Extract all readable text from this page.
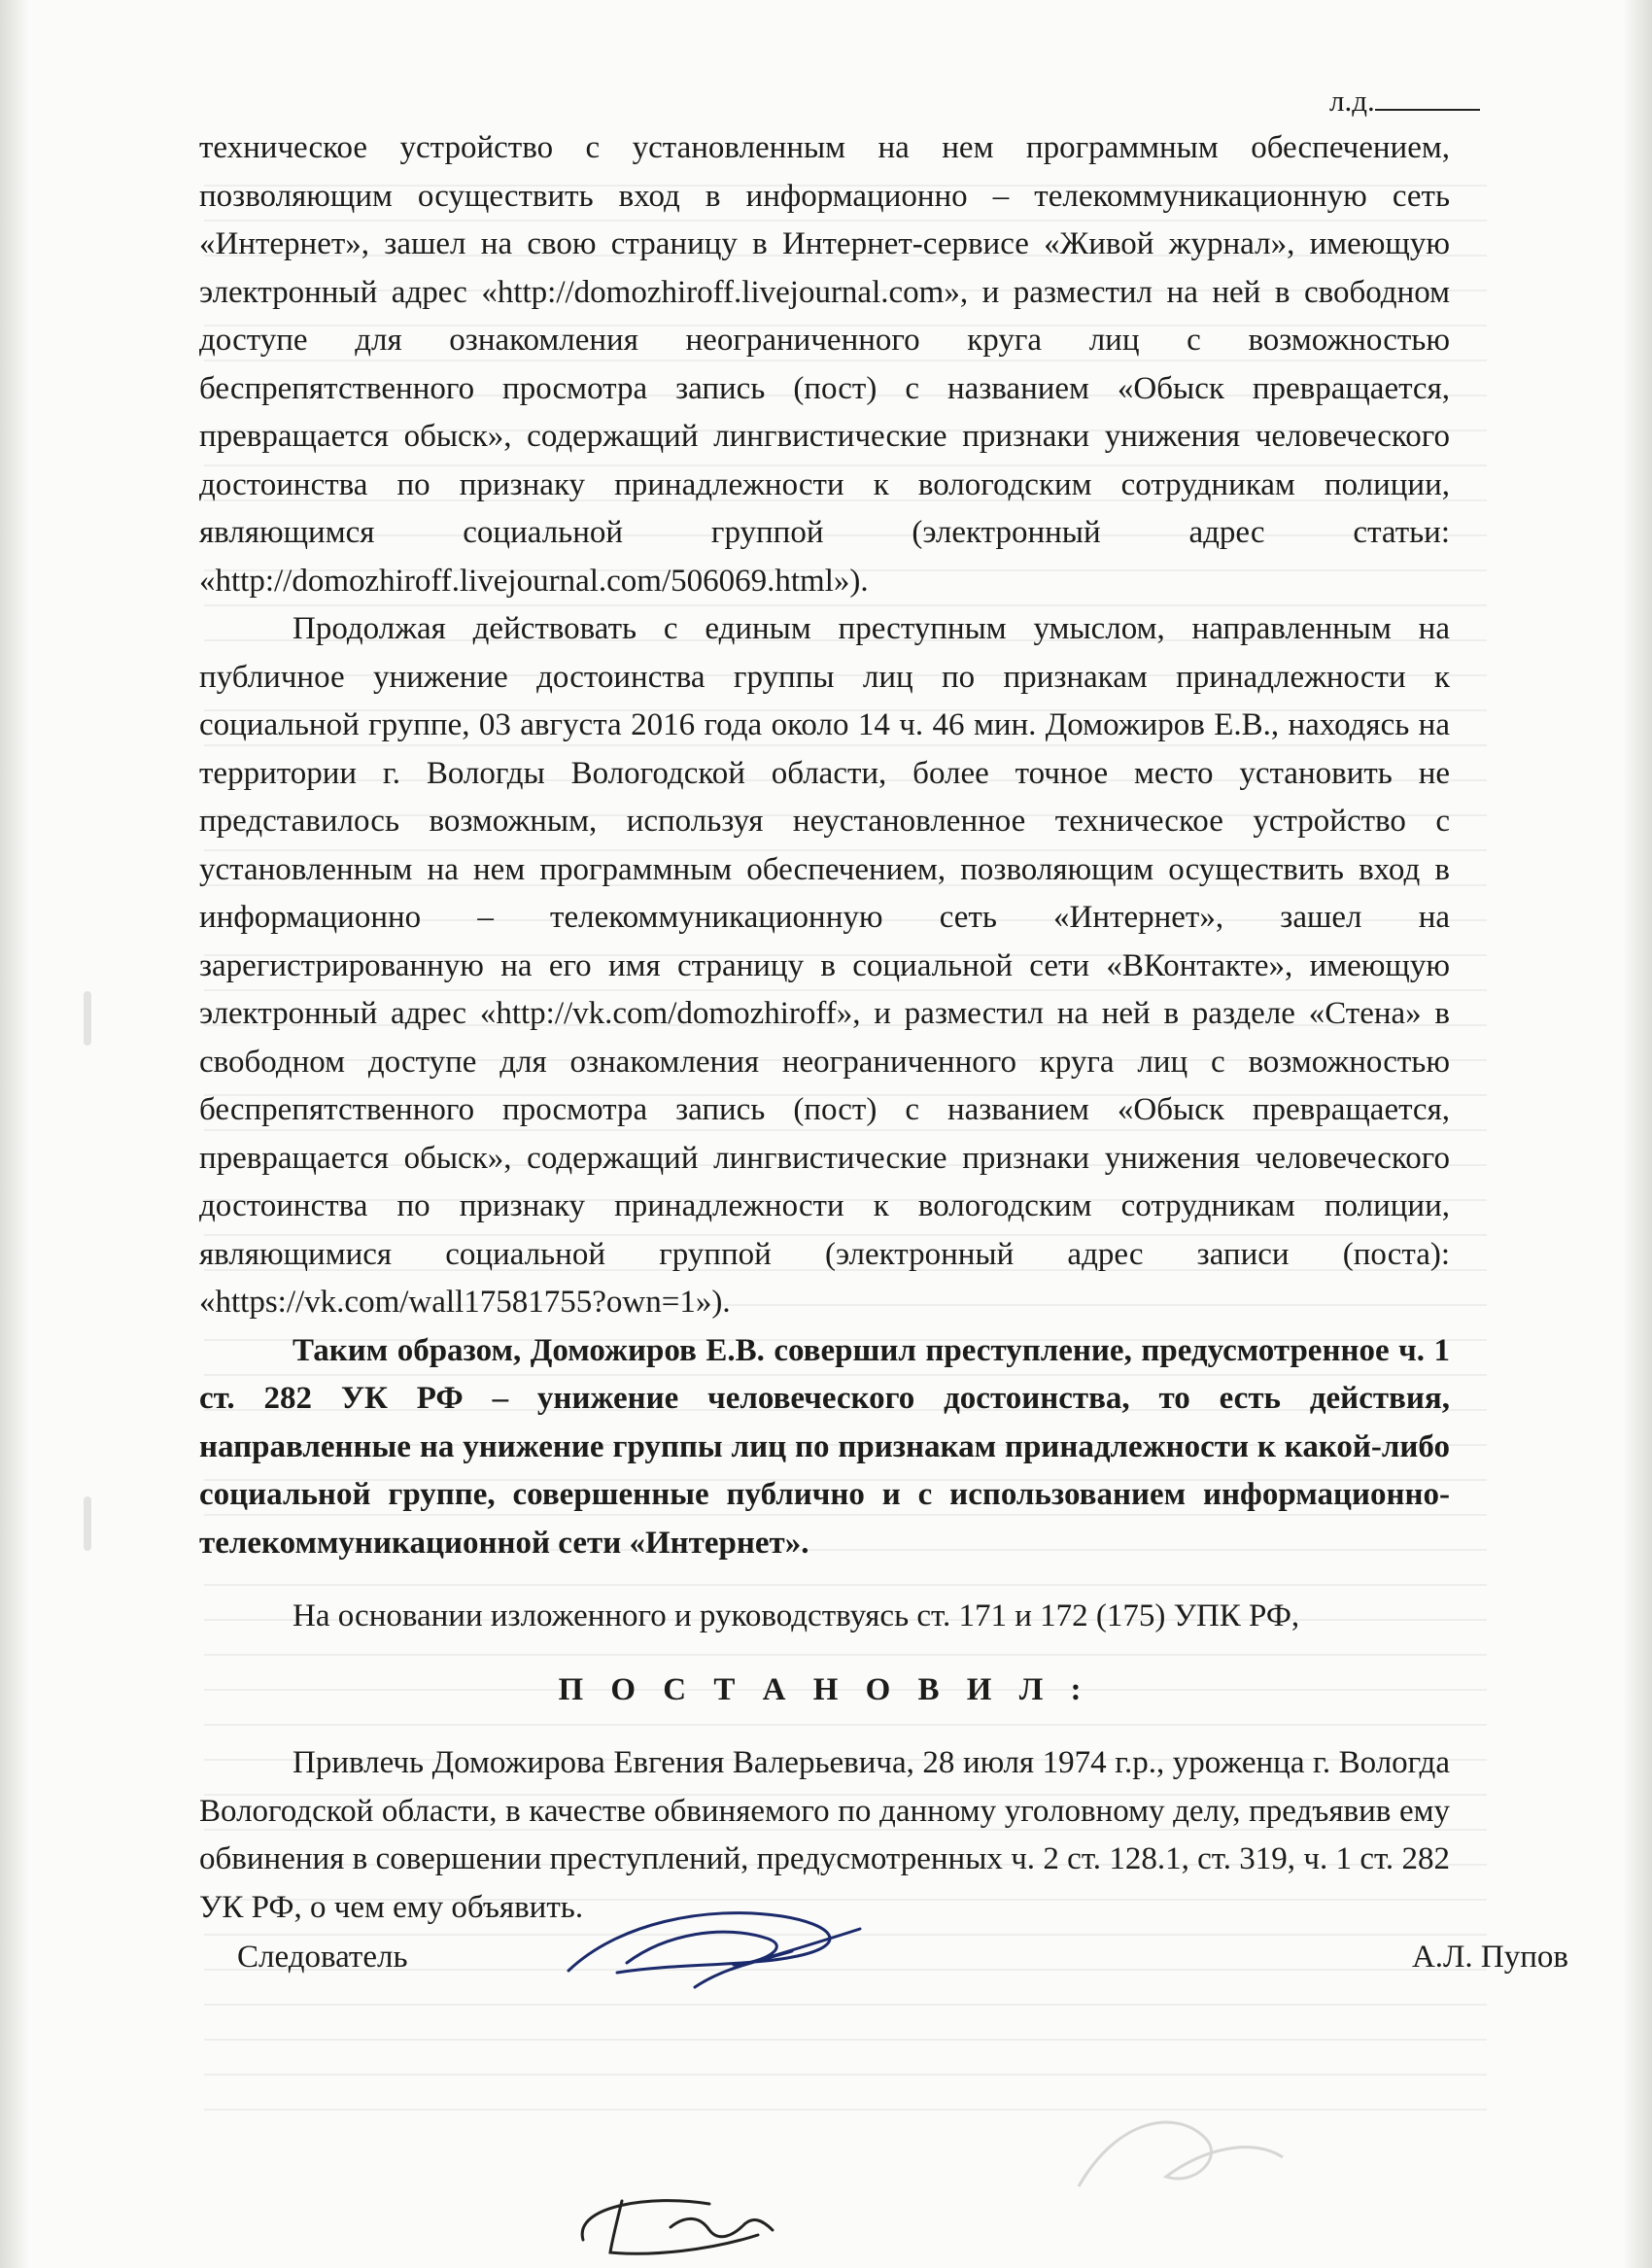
л.д.

техническое устройство с установленным на нем программным обеспечением, позволяющим осуществить вход в информационно – телекоммуникационную сеть «Интернет», зашел на свою страницу в Интернет-сервисе «Живой журнал», имеющую электронный адрес «http://domozhiroff.livejournal.com», и разместил на ней в свободном доступе для ознакомления неограниченного круга лиц с возможностью беспрепятственного просмотра запись (пост) с названием «Обыск превращается, превращается обыск», содержащий лингвистические признаки унижения человеческого достоинства по признаку принадлежности к вологодским сотрудникам полиции, являющимся социальной группой (электронный адрес статьи: «http://domozhiroff.livejournal.com/506069.html»).

Продолжая действовать с единым преступным умыслом, направленным на публичное унижение достоинства группы лиц по признакам принадлежности к социальной группе, 03 августа 2016 года около 14 ч. 46 мин. Доможиров Е.В., находясь на территории г. Вологды Вологодской области, более точное место установить не представилось возможным, используя неустановленное техническое устройство с установленным на нем программным обеспечением, позволяющим осуществить вход в информационно – телекоммуникационную сеть «Интернет», зашел на зарегистрированную на его имя страницу в социальной сети «ВКонтакте», имеющую электронный адрес «http://vk.com/domozhiroff», и разместил на ней в разделе «Стена» в свободном доступе для ознакомления неограниченного круга лиц с возможностью беспрепятственного просмотра запись (пост) с названием «Обыск превращается, превращается обыск», содержащий лингвистические признаки унижения человеческого достоинства по признаку принадлежности к вологодским сотрудникам полиции, являющимися социальной группой (электронный адрес записи (поста): «https://vk.com/wall17581755?own=1»).

Таким образом, Доможиров Е.В. совершил преступление, предусмотренное ч. 1 ст. 282 УК РФ – унижение человеческого достоинства, то есть действия, направленные на унижение группы лиц по признакам принадлежности к какой-либо социальной группе, совершенные публично и с использованием информационно-телекоммуникационной сети «Интернет».

На основании изложенного и руководствуясь ст. 171 и 172 (175) УПК РФ,

П О С Т А Н О В И Л :

Привлечь Доможирова Евгения Валерьевича, 28 июля 1974 г.р., уроженца г. Вологда Вологодской области, в качестве обвиняемого по данному уголовному делу, предъявив ему обвинения в совершении преступлений, предусмотренных ч. 2 ст. 128.1, ст. 319, ч. 1 ст. 282 УК РФ, о чем ему объявить.

Следователь	А.Л. Пупов
